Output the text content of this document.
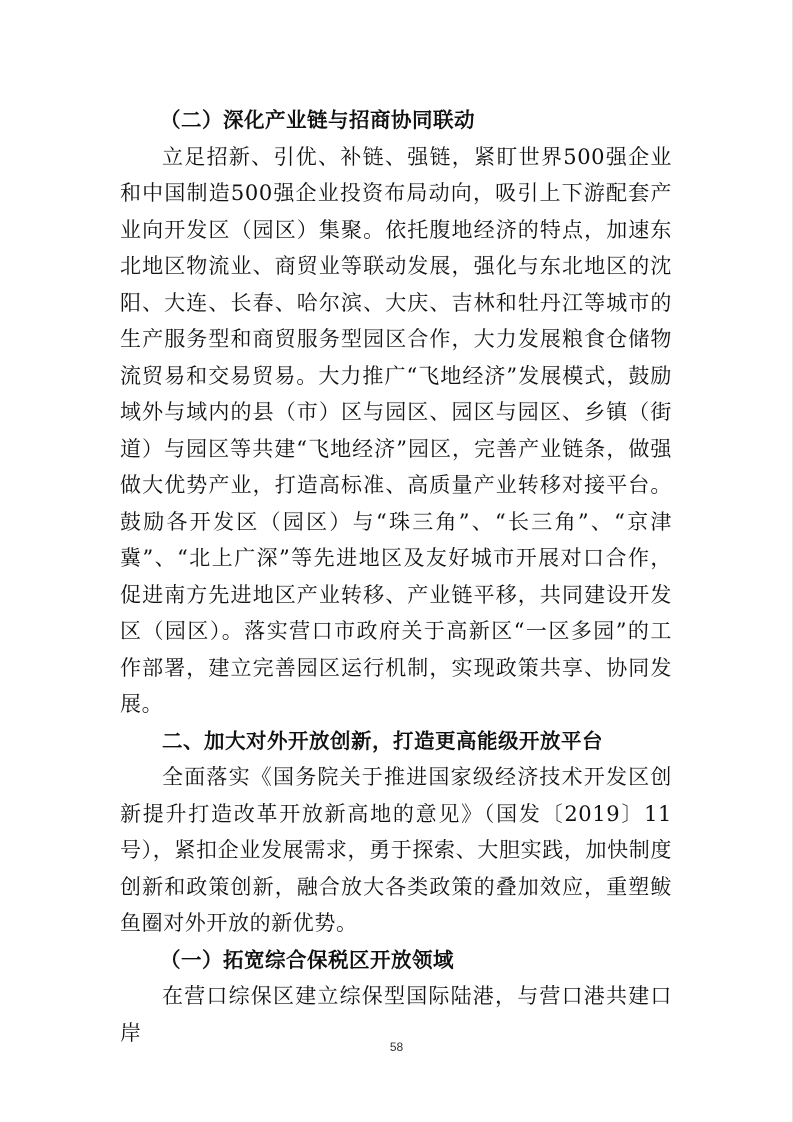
（二）深化产业链与招商协同联动

立足招新、引优、补链、强链，紧盯世界500强企业和中国制造500强企业投资布局动向，吸引上下游配套产业向开发区（园区）集聚。依托腹地经济的特点，加速东北地区物流业、商贸业等联动发展，强化与东北地区的沈阳、大连、长春、哈尔滨、大庆、吉林和牡丹江等城市的生产服务型和商贸服务型园区合作，大力发展粮食仓储物流贸易和交易贸易。大力推广“飞地经济”发展模式，鼓励域外与域内的县（市）区与园区、园区与园区、乡镇（街道）与园区等共建“飞地经济”园区，完善产业链条，做强做大优势产业，打造高标准、高质量产业转移对接平台。鼓励各开发区（园区）与“珠三角”、“长三角”、“京津冀”、“北上广深”等先进地区及友好城市开展对口合作，促进南方先进地区产业转移、产业链平移，共同建设开发区（园区）。落实营口市政府关于高新区“一区多园”的工作部署，建立完善园区运行机制，实现政策共享、协同发展。

二、加大对外开放创新，打造更高能级开放平台

全面落实《国务院关于推进国家级经济技术开发区创新提升打造改革开放新高地的意见》（国发〔2019〕11号），紧扣企业发展需求，勇于探索、大胆实践，加快制度创新和政策创新，融合放大各类政策的叠加效应，重塑鲅鱼圈对外开放的新优势。

（一）拓宽综合保税区开放领域

在营口综保区建立综保型国际陆港，与营口港共建口岸

58
